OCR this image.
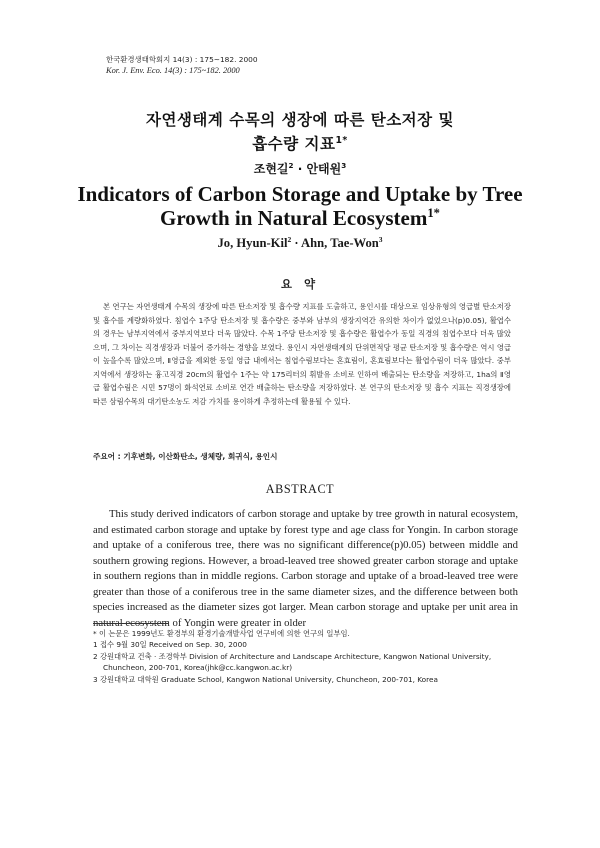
한국환경생태학회지 14(3) : 175~182. 2000
Kor. J. Env. Eco. 14(3) : 175~182. 2000
자연생태계 수목의 생장에 따른 탄소저장 및
흡수량 지표$^{1*}$
조현길$^2$ · 안태원$^3$
Indicators of Carbon Storage and Uptake by Tree
Growth in Natural Ecosystem$^{1*}$
Jo, Hyun-Kil$^2$ · Ahn, Tae-Won$^3$
요 약
본 연구는 자연생태계 수목의 생장에 따른 탄소저장 및 흡수량 지표를 도출하고, 용인시를 대상으로 임상유형의 영급별 탄소저장 및 흡수를 계량화하였다. 침엽수 1주당 탄소저장 및 흡수량은 중부와 남부의 생장지역간 유의한 차이가 없었으나(p)0.05), 활엽수의 경우는 남부지역에서 중부지역보다 더욱 많았다. 수목 1주당 탄소저장 및 흡수량은 활엽수가 동일 직경의 침엽수보다 더욱 많았으며, 그 차이는 직경생장과 더불어 증가하는 경향을 보였다. 용인시 자연생태계의 단위면적당 평균 탄소저장 및 흡수량은 역시 영급이 높을수록 많았으며, Ⅱ영급을 제외한 동일 영급 내에서는 침엽수림보다는 혼효림이, 혼효림보다는 활엽수림이 더욱 많았다. 중부지역에서 생장하는 흉고직경 20cm의 활엽수 1주는 약 175리터의 휘발유 소비로 인하여 배출되는 탄소량을 저장하고, 1ha의 Ⅱ영급 활엽수림은 시민 57명이 화석연료 소비로 연간 배출하는 탄소량을 저장하였다. 본 연구의 탄소저장 및 흡수 지표는 직경생장에 따른 삼림수목의 대기탄소농도 저감 가치를 용이하게 추정하는데 활용될 수 있다.
주요어 : 기후변화, 이산화탄소, 생체량, 회귀식, 용인시
ABSTRACT
This study derived indicators of carbon storage and uptake by tree growth in natural ecosystem, and estimated carbon storage and uptake by forest type and age class for Yongin. In carbon storage and uptake of a coniferous tree, there was no significant difference(p)0.05) between middle and southern growing regions. However, a broad-leaved tree showed greater carbon storage and uptake in southern regions than in middle regions. Carbon storage and uptake of a broad-leaved tree were greater than those of a coniferous tree in the same diameter sizes, and the difference between both species increased as the diameter sizes got larger. Mean carbon storage and uptake per unit area in natural ecosystem of Yongin were greater in older

* 이 논문은 1999년도 환경부의 환경기술개발사업 연구비에 의한 연구의 일부임.

1 접수 9월 30일 Received on Sep. 30, 2000

2 강원대학교 건축 · 조경학부 Division of Architecture and Landscape Architecture, Kangwon National University,

Chuncheon, 200-701, Korea(jhk@cc.kangwon.ac.kr)

3 강원대학교 대학원 Graduate School, Kangwon National University, Chuncheon, 200-701, Korea
